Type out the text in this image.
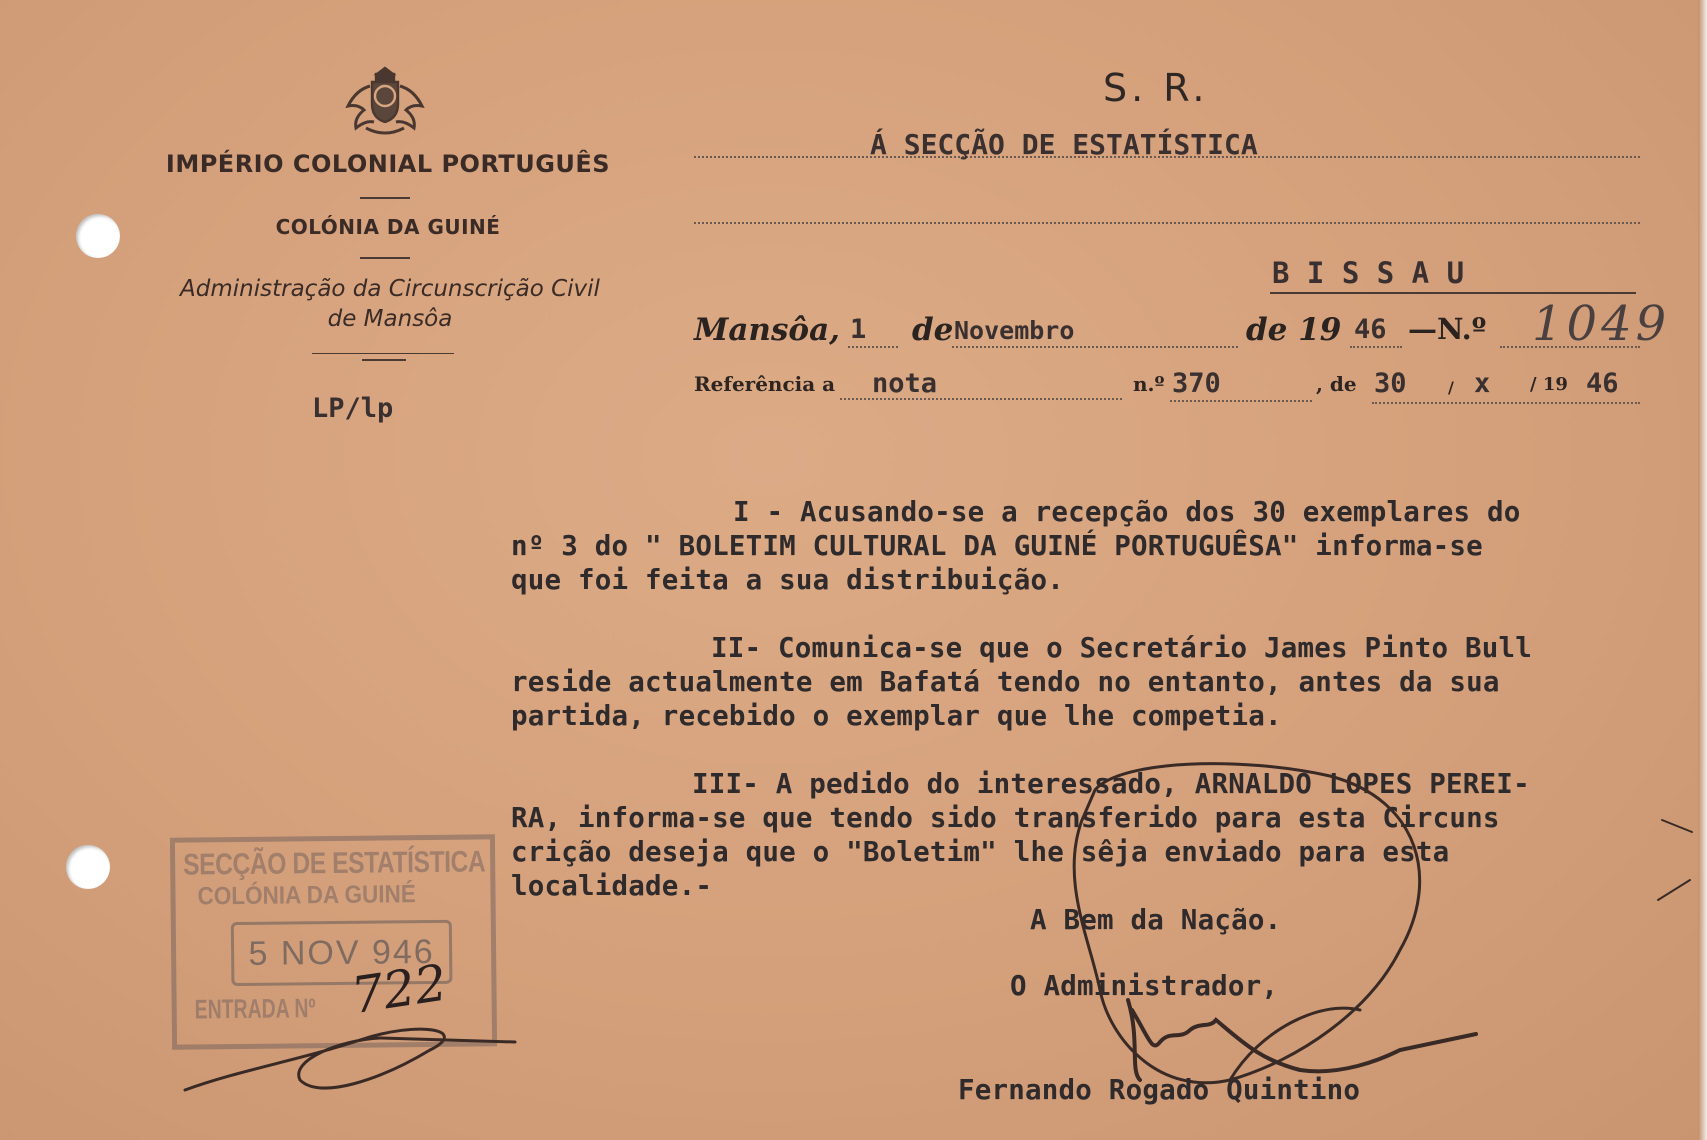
IMPÉRIO COLONIAL PORTUGUÊS
COLÓNIA DA GUINÉ
Administração da Circunscrição Civil
de Mansôa
LP/lp
S. R.
Á SECÇÃO DE ESTATÍSTICA
B I S S A U
Mansôa, 1 de Novembro	de 19 46 —N.º 1049
Referência a nota	n.º 370	, de 30	/ x / 19 46
I - Acusando-se a recepção dos 30 exemplares do
nº 3 do " BOLETIM CULTURAL DA GUINÉ PORTUGUÊSA" informa-se
que foi feita a sua distribuição.
II- Comunica-se que o Secretário James Pinto Bull
reside actualmente em Bafatá tendo no entanto, antes da sua
partida, recebido o exemplar que lhe competia.
III- A pedido do interessado, ARNALDO LOPES PEREI-
RA, informa-se que tendo sido transferido para esta Circuns
crição deseja que o "Boletim" lhe sêja enviado para esta
localidade.-
A Bem da Nação.
O Administrador,
Fernando Rogado Quintino
SECÇÃO DE ESTATÍSTICA
COLÓNIA DA GUINÉ
5 NOV 946
ENTRADA Nº 722
